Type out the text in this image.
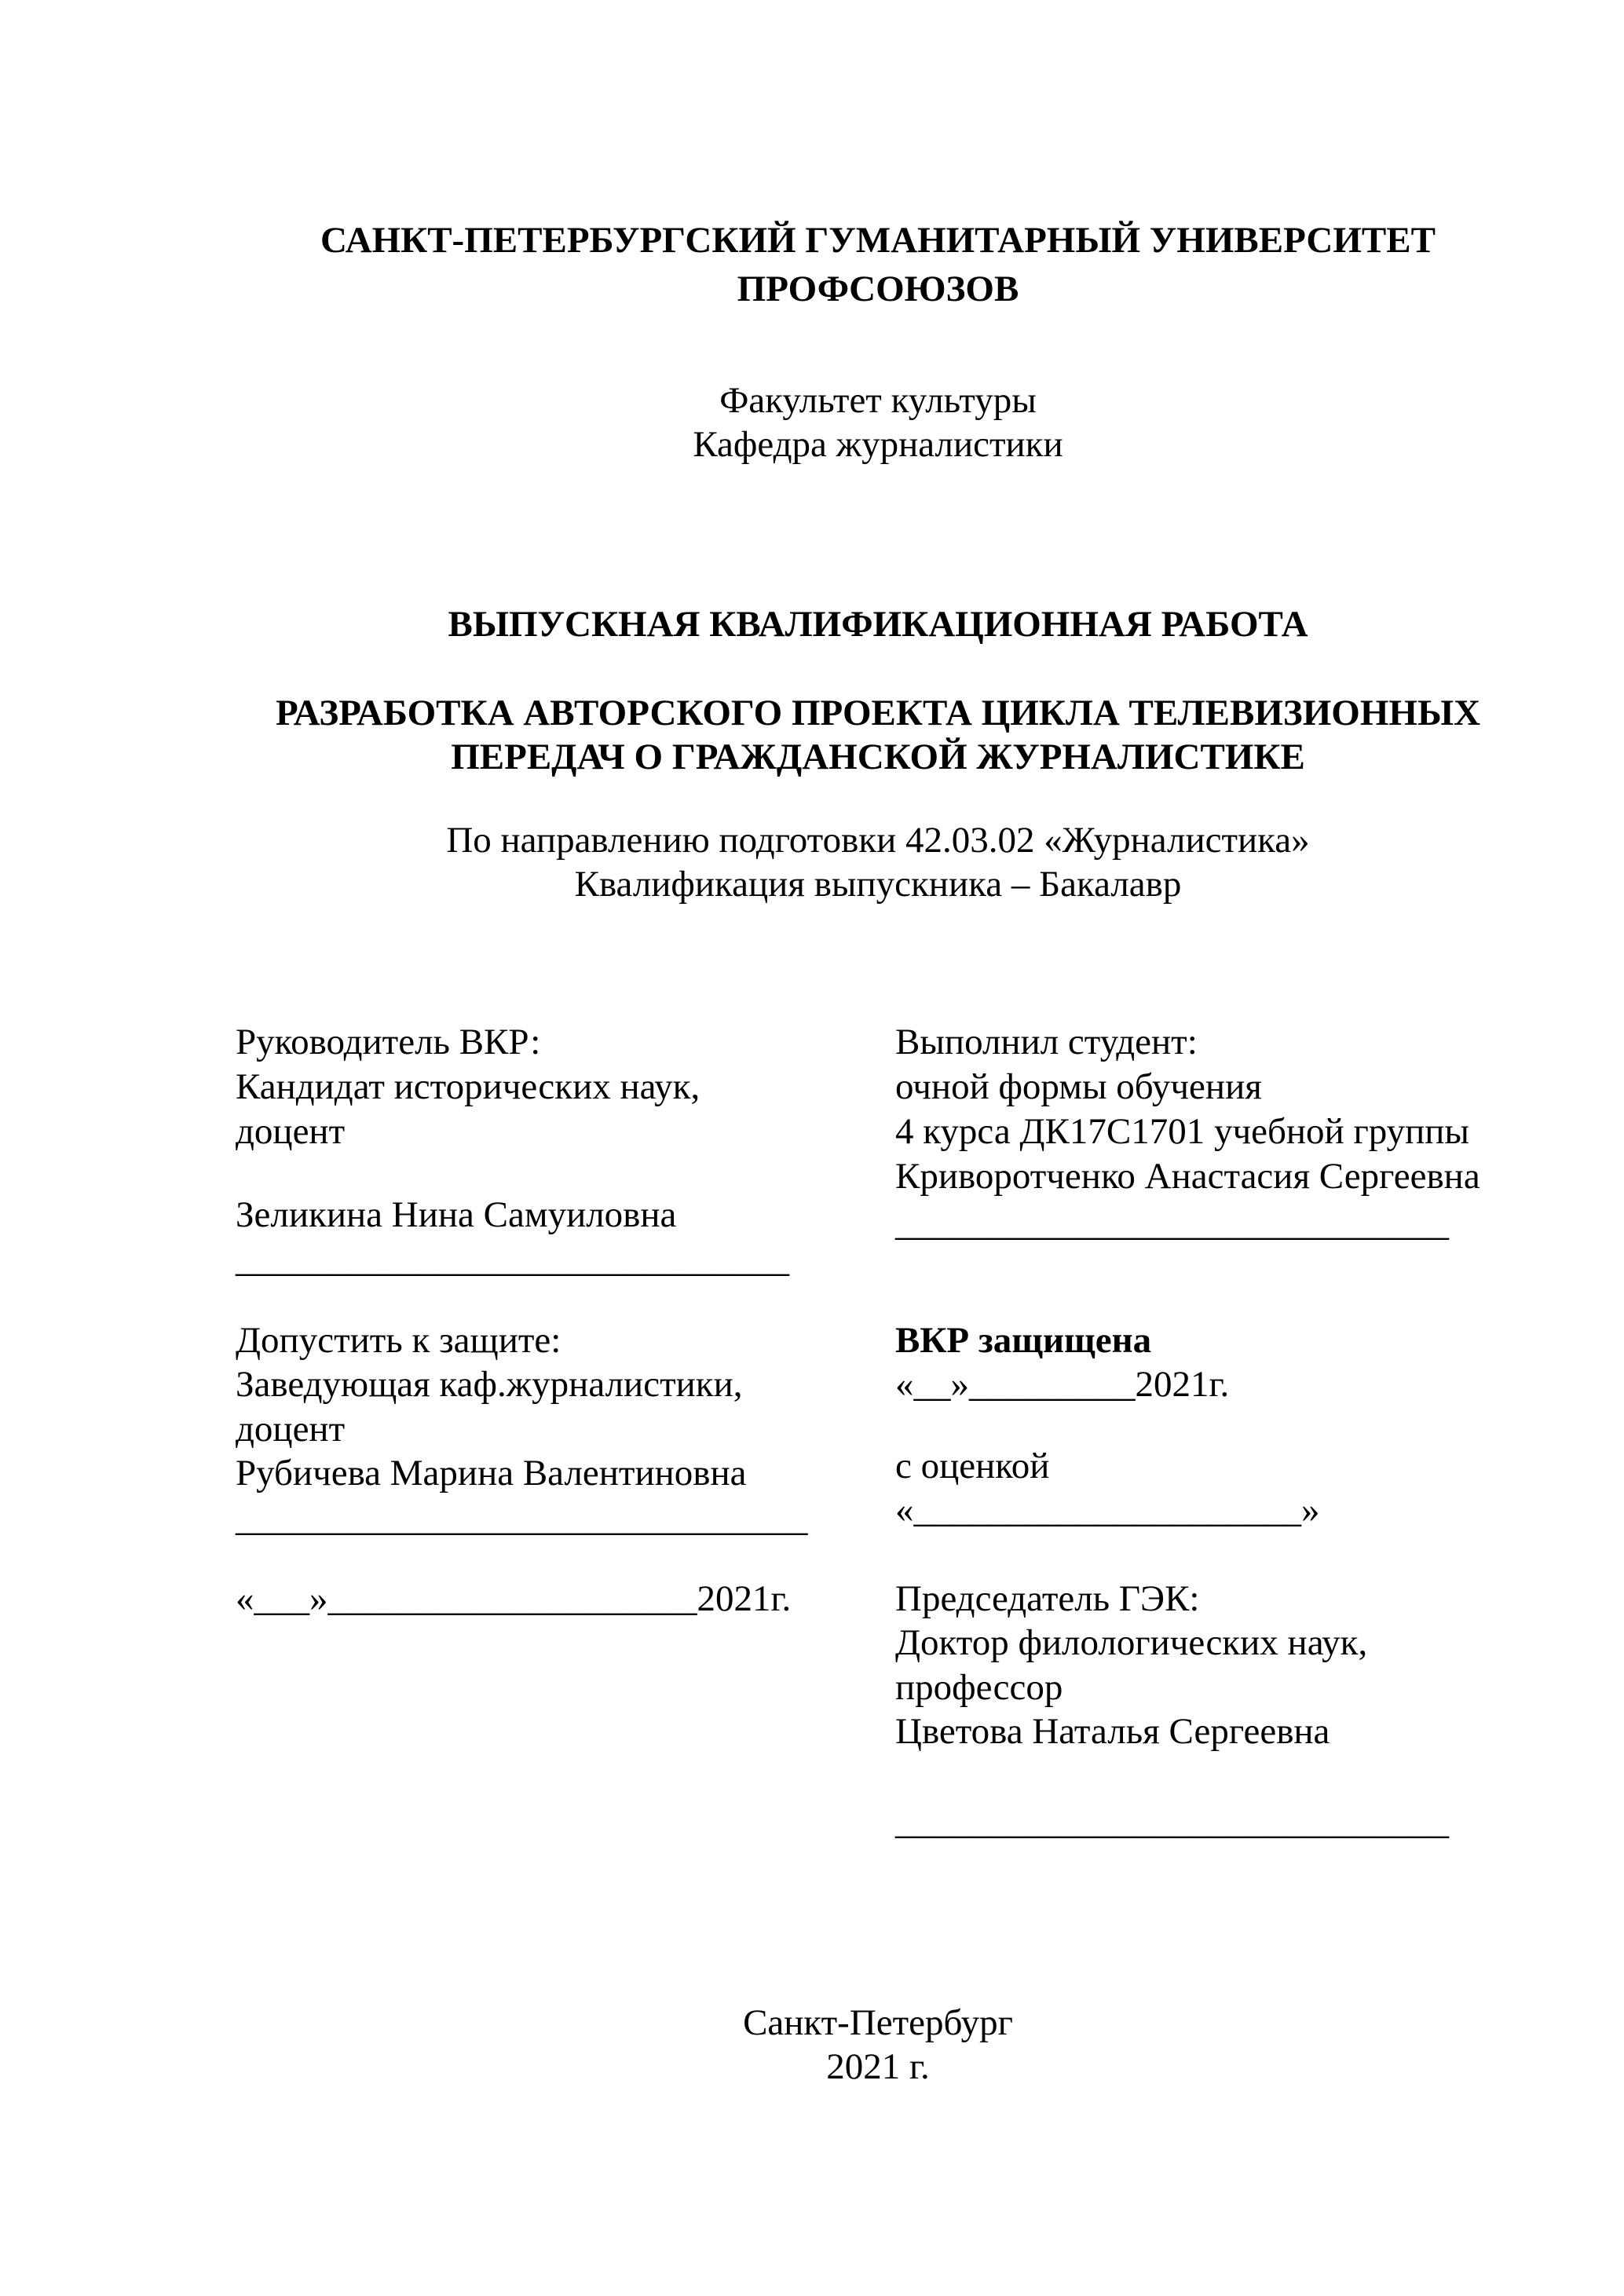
САНКТ-ПЕТЕРБУРГСКИЙ ГУМАНИТАРНЫЙ УНИВЕРСИТЕТ
ПРОФСОЮЗОВ
Факультет культуры
Кафедра журналистики
ВЫПУСКНАЯ КВАЛИФИКАЦИОННАЯ РАБОТА
РАЗРАБОТКА АВТОРСКОГО ПРОЕКТА ЦИКЛА ТЕЛЕВИЗИОННЫХ
ПЕРЕДАЧ О ГРАЖДАНСКОЙ ЖУРНАЛИСТИКЕ
По направлению подготовки 42.03.02 «Журналистика»
Квалификация выпускника – Бакалавр
Руководитель ВКР:
Кандидат исторических наук,
доцент
Зеликина Нина Самуиловна
______________________________
Допустить к защите:
Заведующая каф.журналистики,
доцент
Рубичева Марина Валентиновна
_______________________________
«___»____________________2021г.
Выполнил студент:
очной формы обучения
4 курса ДК17С1701 учебной группы
Криворотченко Анастасия Сергеевна
______________________________
ВКР защищена
«__»_________2021г.
с оценкой
«_____________________»
Председатель ГЭК:
Доктор филологических наук,
профессор
Цветова Наталья Сергеевна
______________________________
Санкт-Петербург
2021 г.
